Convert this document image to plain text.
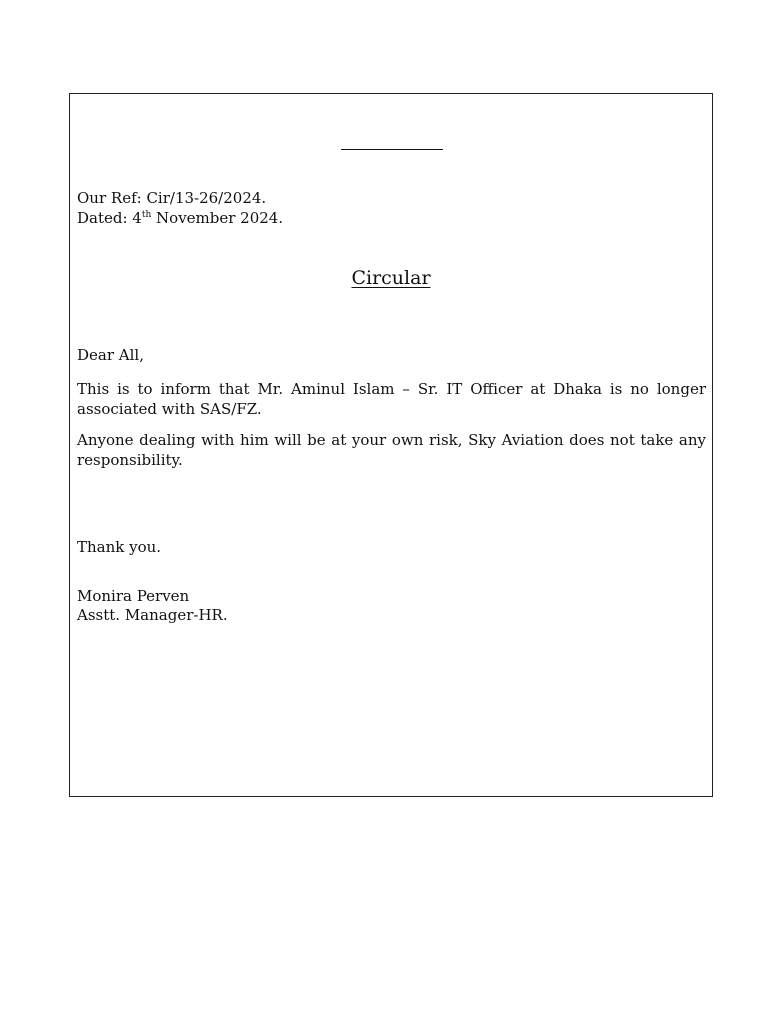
Our Ref: Cir/13-26/2024.
Dated: 4th November 2024.
Circular
Dear All,

This is to inform that Mr. Aminul Islam – Sr. IT Officer at Dhaka is no longer associated with SAS/FZ.

Anyone dealing with him will be at your own risk, Sky Aviation does not take any responsibility.

Thank you.
Monira Perven
Asstt. Manager-HR.
